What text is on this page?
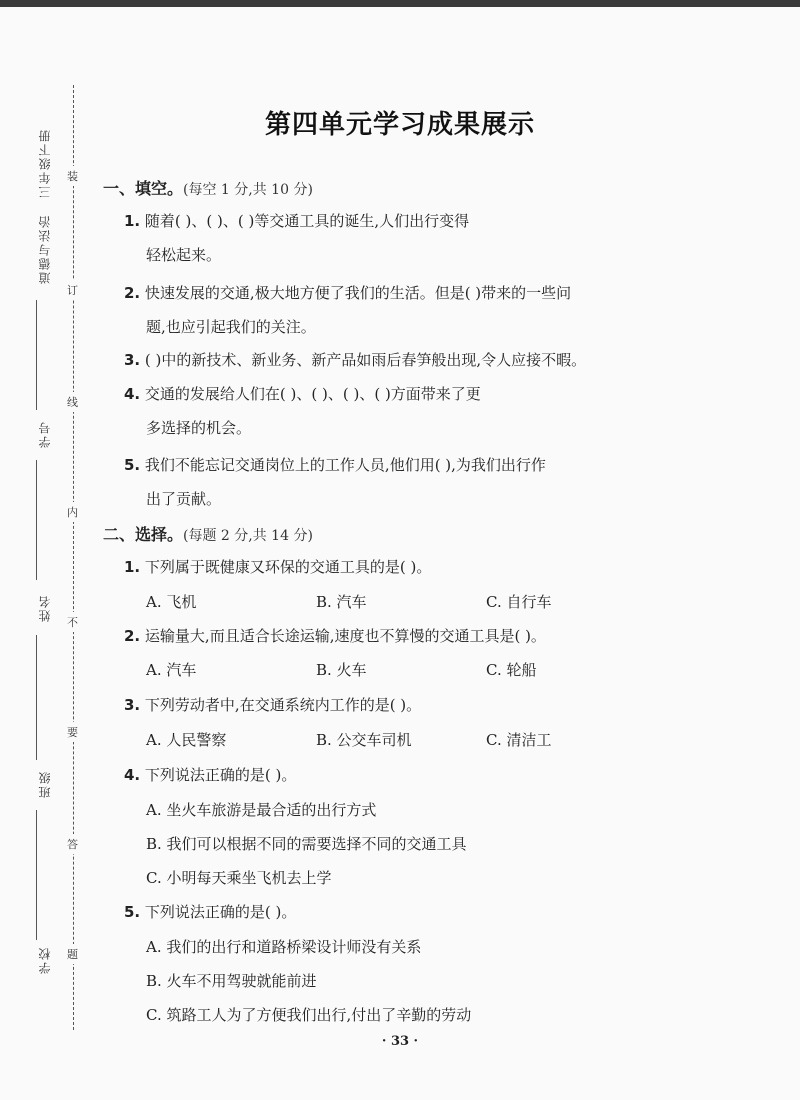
三年级下册
道德与法治
学号
姓名
班级
学校
装
订
线
内
不
要
答
题
第四单元学习成果展示
一、填空。(每空 1 分,共 10 分)
1. 随着( )、( )、( )等交通工具的诞生,人们出行变得
轻松起来。
2. 快速发展的交通,极大地方便了我们的生活。但是( )带来的一些问
题,也应引起我们的关注。
3. ( )中的新技术、新业务、新产品如雨后春笋般出现,令人应接不暇。
4. 交通的发展给人们在( )、( )、( )、( )方面带来了更
多选择的机会。
5. 我们不能忘记交通岗位上的工作人员,他们用( ),为我们出行作
出了贡献。
二、选择。(每题 2 分,共 14 分)
1. 下列属于既健康又环保的交通工具的是( )。
A. 飞机	B. 汽车	C. 自行车
2. 运输量大,而且适合长途运输,速度也不算慢的交通工具是( )。
A. 汽车	B. 火车	C. 轮船
3. 下列劳动者中,在交通系统内工作的是( )。
A. 人民警察	B. 公交车司机	C. 清洁工
4. 下列说法正确的是( )。
A. 坐火车旅游是最合适的出行方式
B. 我们可以根据不同的需要选择不同的交通工具
C. 小明每天乘坐飞机去上学
5. 下列说法正确的是( )。
A. 我们的出行和道路桥梁设计师没有关系
B. 火车不用驾驶就能前进
C. 筑路工人为了方便我们出行,付出了辛勤的劳动
· 33 ·
